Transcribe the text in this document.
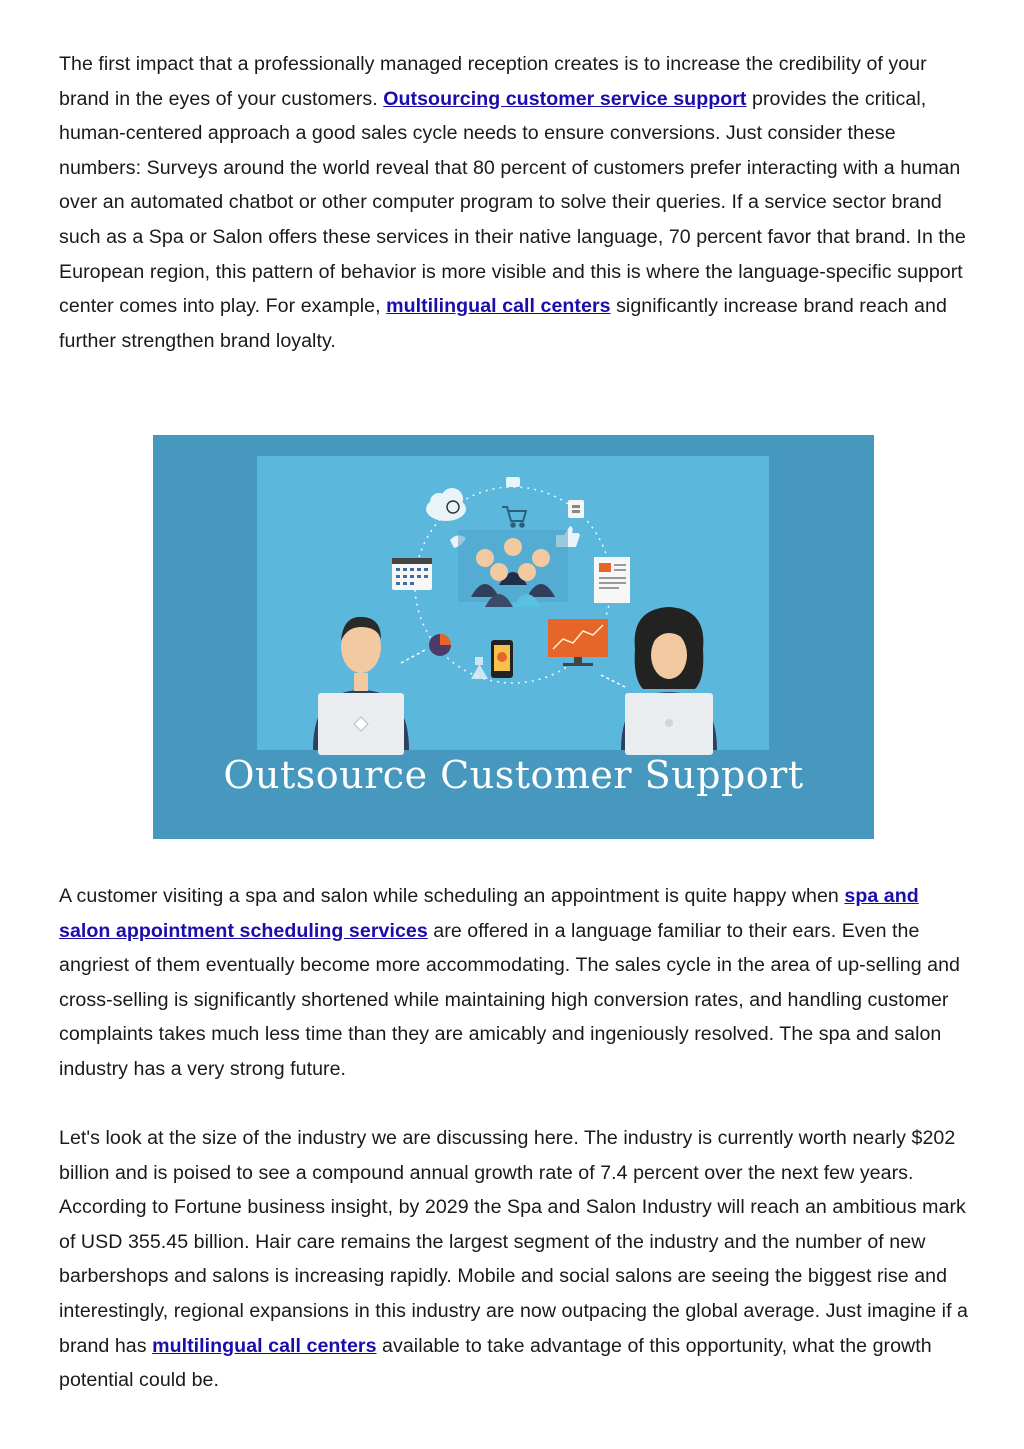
The first impact that a professionally managed reception creates is to increase the credibility of your brand in the eyes of your customers. Outsourcing customer service support provides the critical, human-centered approach a good sales cycle needs to ensure conversions. Just consider these numbers: Surveys around the world reveal that 80 percent of customers prefer interacting with a human over an automated chatbot or other computer program to solve their queries. If a service sector brand such as a Spa or Salon offers these services in their native language, 70 percent favor that brand. In the European region, this pattern of behavior is more visible and this is where the language-specific support center comes into play. For example, multilingual call centers significantly increase brand reach and further strengthen brand loyalty.

Outsource Customer Support

A customer visiting a spa and salon while scheduling an appointment is quite happy when spa and salon appointment scheduling services are offered in a language familiar to their ears. Even the angriest of them eventually become more accommodating. The sales cycle in the area of up-selling and cross-selling is significantly shortened while maintaining high conversion rates, and handling customer complaints takes much less time than they are amicably and ingeniously resolved. The spa and salon industry has a very strong future.

Let's look at the size of the industry we are discussing here. The industry is currently worth nearly $202 billion and is poised to see a compound annual growth rate of 7.4 percent over the next few years. According to Fortune business insight, by 2029 the Spa and Salon Industry will reach an ambitious mark of USD 355.45 billion. Hair care remains the largest segment of the industry and the number of new barbershops and salons is increasing rapidly. Mobile and social salons are seeing the biggest rise and interestingly, regional expansions in this industry are now outpacing the global average. Just imagine if a brand has multilingual call centers available to take advantage of this opportunity, what the growth potential could be.
